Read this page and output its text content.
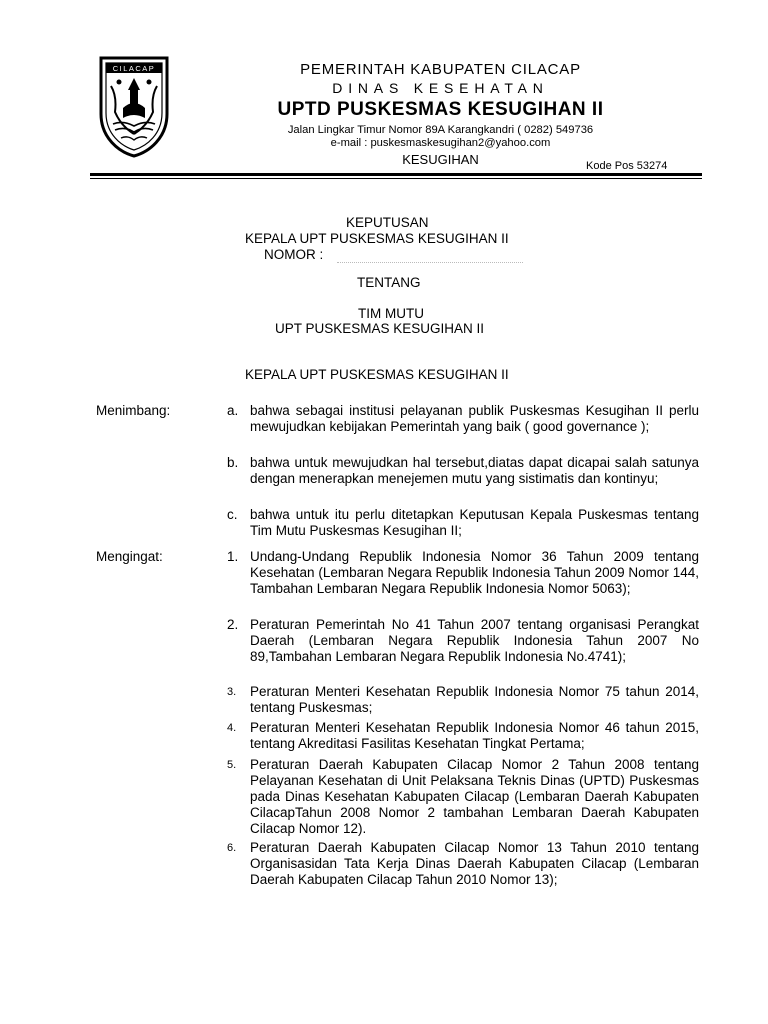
CILACAP	PEMERINTAH KABUPATEN CILACAP
DINAS KESEHATAN
UPTD PUSKESMAS KESUGIHAN II
Jalan Lingkar Timur Nomor 89A Karangkandri ( 0282) 549736
e-mail : puskesmaskesugihan2@yahoo.com
KESUGIHAN	Kode Pos 53274
KEPUTUSAN
KEPALA UPT PUSKESMAS KESUGIHAN II
NOMOR :
TENTANG
TIM MUTU
UPT PUSKESMAS KESUGIHAN II
KEPALA UPT PUSKESMAS KESUGIHAN II
Menimbang:	a. bahwa sebagai institusi pelayanan publik Puskesmas Kesugihan II perlu mewujudkan kebijakan Pemerintah yang baik ( good governance );
b. bahwa untuk mewujudkan hal tersebut,diatas dapat dicapai salah satunya dengan menerapkan menejemen mutu yang sistimatis dan kontinyu;
c. bahwa untuk itu perlu ditetapkan Keputusan Kepala Puskesmas tentang Tim Mutu Puskesmas Kesugihan II;
Mengingat:	1. Undang-Undang Republik Indonesia Nomor 36 Tahun 2009 tentang Kesehatan (Lembaran Negara Republik Indonesia Tahun 2009 Nomor 144, Tambahan Lembaran Negara Republik Indonesia Nomor 5063);
2. Peraturan Pemerintah No 41 Tahun 2007 tentang organisasi Perangkat Daerah (Lembaran Negara Republik Indonesia Tahun 2007 No 89,Tambahan Lembaran Negara Republik Indonesia No.4741);
3. Peraturan Menteri Kesehatan Republik Indonesia Nomor 75 tahun 2014, tentang Puskesmas;
4. Peraturan Menteri Kesehatan Republik Indonesia Nomor 46 tahun 2015, tentang Akreditasi Fasilitas Kesehatan Tingkat Pertama;
5. Peraturan Daerah Kabupaten Cilacap Nomor 2 Tahun 2008 tentang Pelayanan Kesehatan di Unit Pelaksana Teknis Dinas (UPTD) Puskesmas pada Dinas Kesehatan Kabupaten Cilacap (Lembaran Daerah Kabupaten CilacapTahun 2008 Nomor 2 tambahan Lembaran Daerah Kabupaten Cilacap Nomor 12).
6. Peraturan Daerah Kabupaten Cilacap Nomor 13 Tahun 2010 tentang Organisasidan Tata Kerja Dinas Daerah Kabupaten Cilacap (Lembaran Daerah Kabupaten Cilacap Tahun 2010 Nomor 13);
